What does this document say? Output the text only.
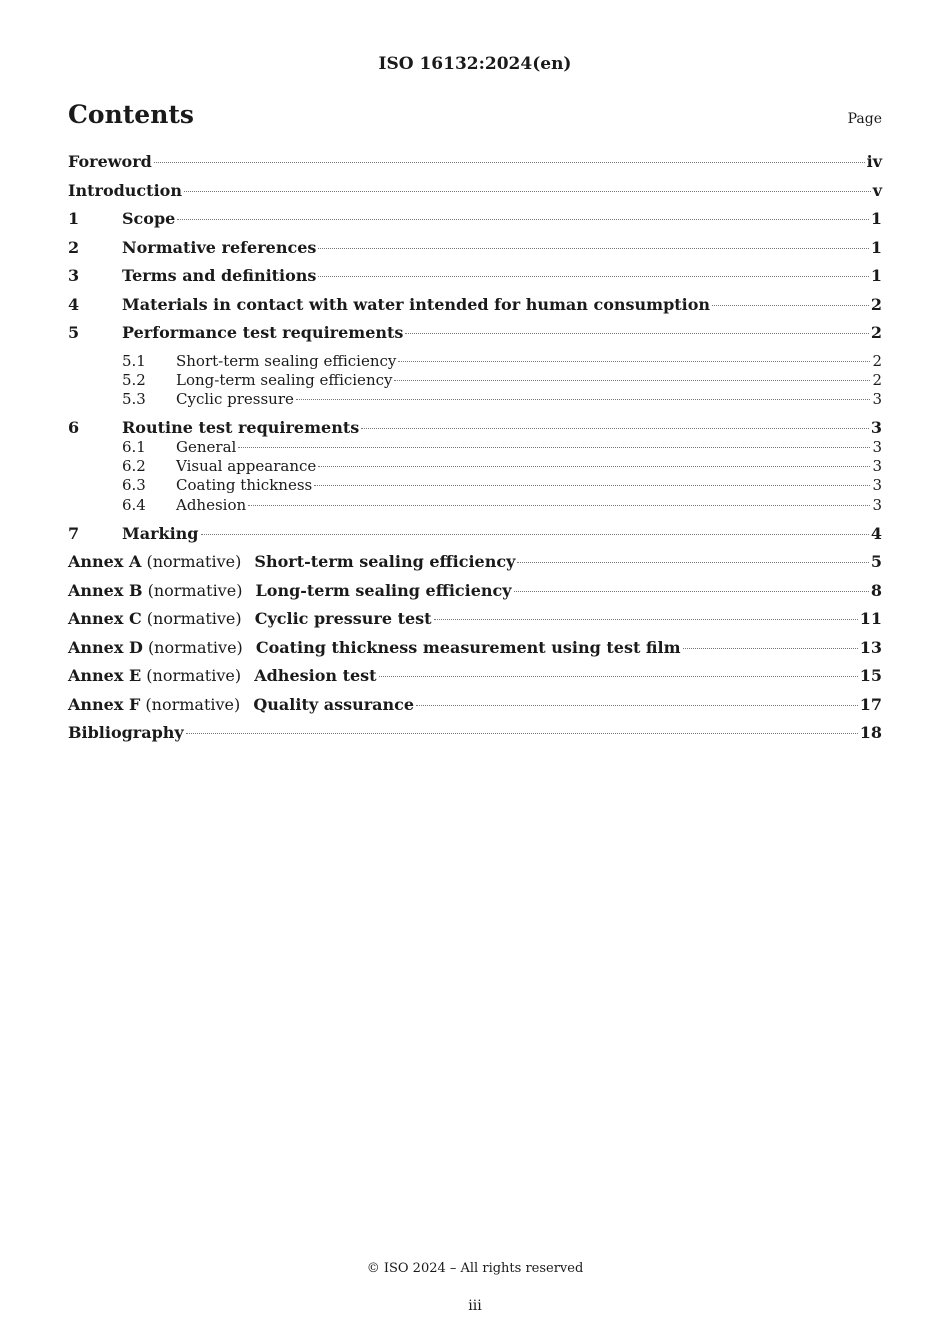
ISO 16132:2024(en)
Contents	Page
Foreword	iv
Introduction	v
1	Scope	1
2	Normative references	1
3	Terms and definitions	1
4	Materials in contact with water intended for human consumption	2
5	Performance test requirements	2
5.1	Short-term sealing efficiency	2
5.2	Long-term sealing efficiency	2
5.3	Cyclic pressure	3
6	Routine test requirements	3
6.1	General	3
6.2	Visual appearance	3
6.3	Coating thickness	3
6.4	Adhesion	3
7	Marking	4
Annex A (normative) Short-term sealing efficiency	5
Annex B (normative) Long-term sealing efficiency	8
Annex C (normative) Cyclic pressure test	11
Annex D (normative) Coating thickness measurement using test film	13
Annex E (normative) Adhesion test	15
Annex F (normative) Quality assurance	17
Bibliography	18
© ISO 2024 – All rights reserved
iii
